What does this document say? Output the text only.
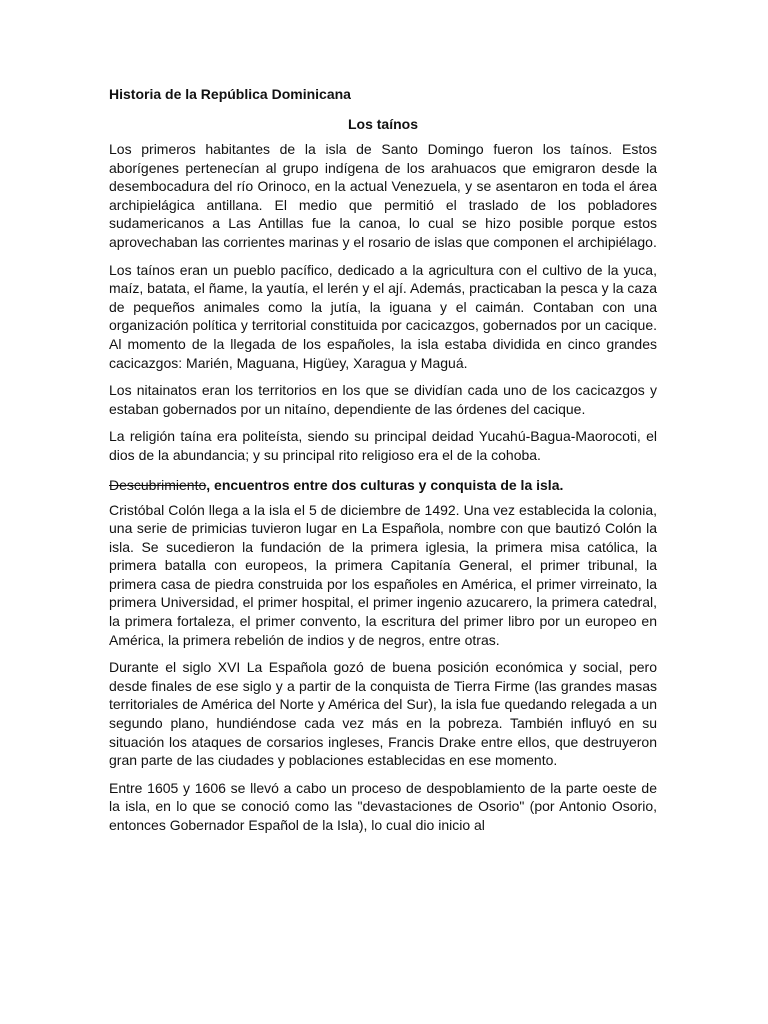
Historia de la República Dominicana
Los taínos

Los primeros habitantes de la isla de Santo Domingo fueron los taínos. Estos aborígenes pertenecían al grupo indígena de los arahuacos que emigraron desde la desembocadura del río Orinoco, en la actual Venezuela, y se asentaron en toda el área archipielágica antillana. El medio que permitió el traslado de los pobladores sudamericanos a Las Antillas fue la canoa, lo cual se hizo posible porque estos aprovechaban las corrientes marinas y el rosario de islas que componen el archipiélago.

Los taínos eran un pueblo pacífico, dedicado a la agricultura con el cultivo de la yuca, maíz, batata, el ñame, la yautía, el lerén y el ají. Además, practicaban la pesca y la caza de pequeños animales como la jutía, la iguana y el caimán. Contaban con una organización política y territorial constituida por cacicazgos, gobernados por un cacique. Al momento de la llegada de los españoles, la isla estaba dividida en cinco grandes cacicazgos: Marién, Maguana, Higüey, Xaragua y Maguá.

Los nitainatos eran los territorios en los que se dividían cada uno de los cacicazgos y estaban gobernados por un nitaíno, dependiente de las órdenes del cacique.

La religión taína era politeísta, siendo su principal deidad Yucahú-Bagua-Maorocoti, el dios de la abundancia; y su principal rito religioso era el de la cohoba.

Descubrimiento, encuentros entre dos culturas y conquista de la isla.

Cristóbal Colón llega a la isla el 5 de diciembre de 1492. Una vez establecida la colonia, una serie de primicias tuvieron lugar en La Española, nombre con que bautizó Colón la isla. Se sucedieron la fundación de la primera iglesia, la primera misa católica, la primera batalla con europeos, la primera Capitanía General, el primer tribunal, la primera casa de piedra construida por los españoles en América, el primer virreinato, la primera Universidad, el primer hospital, el primer ingenio azucarero, la primera catedral, la primera fortaleza, el primer convento, la escritura del primer libro por un europeo en América, la primera rebelión de indios y de negros, entre otras.

Durante el siglo XVI La Española gozó de buena posición económica y social, pero desde finales de ese siglo y a partir de la conquista de Tierra Firme (las grandes masas territoriales de América del Norte y América del Sur), la isla fue quedando relegada a un segundo plano, hundiéndose cada vez más en la pobreza. También influyó en su situación los ataques de corsarios ingleses, Francis Drake entre ellos, que destruyeron gran parte de las ciudades y poblaciones establecidas en ese momento.

Entre 1605 y 1606 se llevó a cabo un proceso de despoblamiento de la parte oeste de la isla, en lo que se conoció como las "devastaciones de Osorio" (por Antonio Osorio, entonces Gobernador Español de la Isla), lo cual dio inicio al
